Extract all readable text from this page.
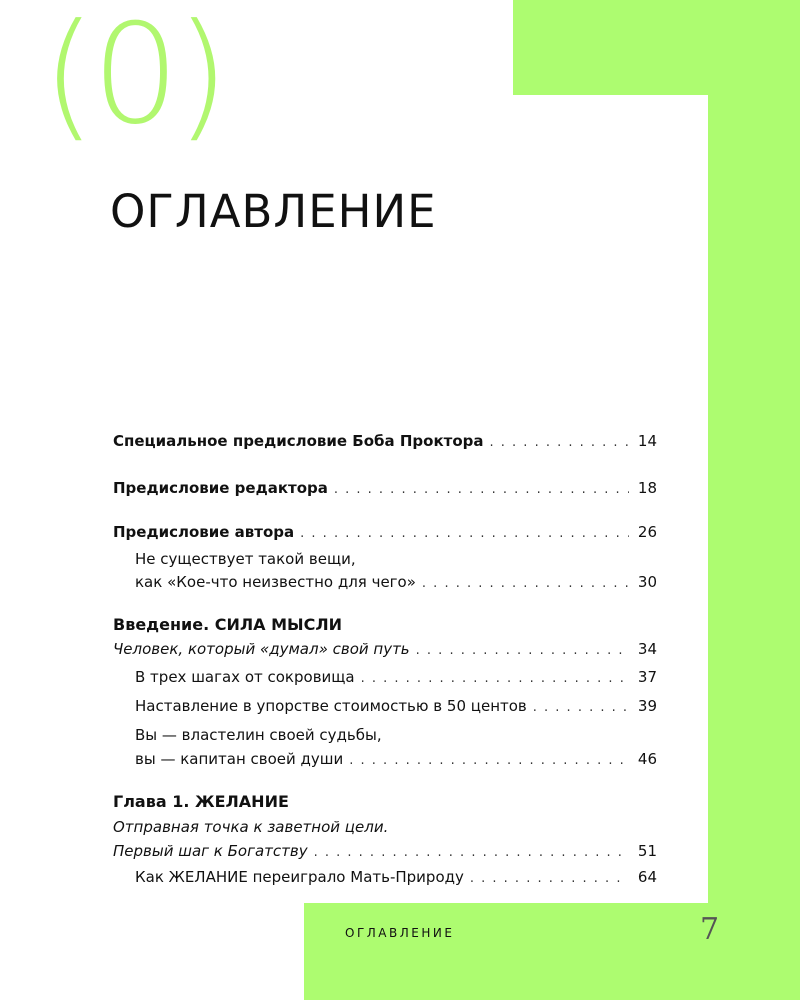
(0)
ОГЛАВЛЕНИЕ
Специальное предисловие Боба Проктора . . .	14
Предисловие редактора . . .	18
Предисловие автора . . .	26
Не существует такой вещи,
как «Кое-что неизвестно для чего» . . .	30
Введение. СИЛА МЫСЛИ
Человек, который «думал» свой путь . . .	34
В трех шагах от сокровища . . .	37
Наставление в упорстве стоимостью в 50 центов . . .	39
Вы — властелин своей судьбы,
вы — капитан своей души . . .	46
Глава 1. ЖЕЛАНИЕ
Отправная точка к заветной цели.
Первый шаг к Богатству . . .	51
Как ЖЕЛАНИЕ переиграло Мать-Природу . . .	64
ОГЛАВЛЕНИЕ	7
